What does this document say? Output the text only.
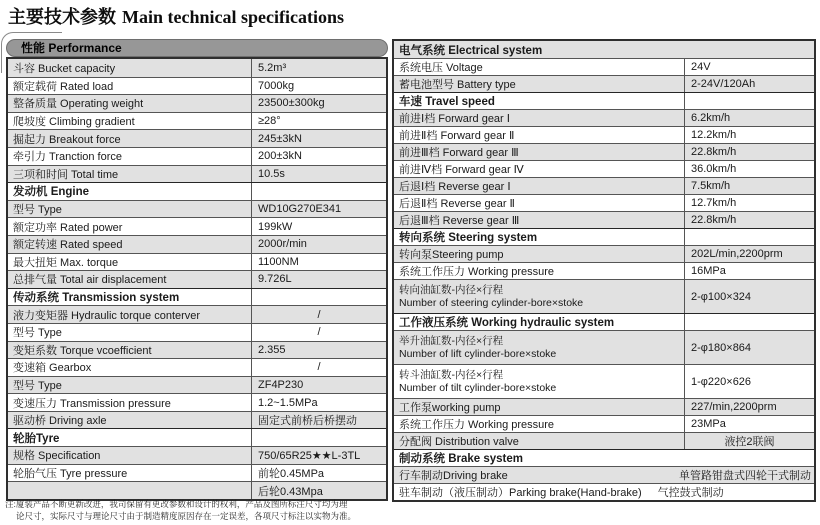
主要技术参数 Main technical specifications
性能 Performance
斗容 Bucket capacity	5.2m³
额定载荷 Rated load	7000kg
整备质量 Operating weight	23500±300kg
爬坡度 Climbing gradient	≥28°
掘起力 Breakout force	245±3kN
牵引力 Tranction force	200±3kN
三项和时间 Total time	10.5s
发动机 Engine
型号 Type	WD10G270E341
额定功率 Rated power	199kW
额定转速 Rated speed	2000r/min
最大扭矩 Max. torque	1100NM
总排气量 Total air displacement	9.726L
传动系统 Transmission system
液力变矩器 Hydraulic torque conterver	/
型号 Type	/
变矩系数 Torque vcoefficient	2.355
变速箱 Gearbox	/
型号 Type	ZF4P230
变速压力 Transmission pressure	1.2~1.5MPa
驱动桥 Driving axle	固定式前桥后桥摆动
轮胎Tyre
规格 Specification	750/65R25★★L-3TL
轮胎气压 Tyre pressure	前轮0.45MPa
后轮0.43Mpa
电气系统 Electrical system
系统电压 Voltage	24V
蓄电池型号 Battery type	2-24V/120Ah
车速 Travel speed
前进Ⅰ档 Forward gear Ⅰ	6.2km/h
前进Ⅱ档 Forward gear Ⅱ	12.2km/h
前进Ⅲ档 Forward gear Ⅲ	22.8km/h
前进Ⅳ档 Forward gear Ⅳ	36.0km/h
后退Ⅰ档 Reverse gear Ⅰ	7.5km/h
后退Ⅱ档 Reverse gear Ⅱ	12.7km/h
后退Ⅲ档 Reverse gear Ⅲ	22.8km/h
转向系统 Steering system
转向泵Steering pump	202L/min,2200prm
系统工作压力 Working pressure	16MPa
转向油缸数-内径×行程
Number of steering cylinder-bore×stoke	2-φ100×324
工作液压系统 Working hydraulic system
举升油缸数-内径×行程
Number of lift cylinder-bore×stoke	2-φ180×864
转斗油缸数-内径×行程
Number of tilt cylinder-bore×stoke	1-φ220×626
工作泵working pump	227/min,2200prm
系统工作压力 Working pressure	23MPa
分配阀 Distribution valve	液控2联阀
制动系统 Brake system
行车制动Driving brake	单管路钳盘式四轮干式制动
驻车制动（液压制动）Parking brake(Hand-brake) 气控鼓式制动
注:厦装产品不断更新改进，我司保留有更改参数和设计的权利，产品及图所标注尺寸均为理
论尺寸，实际尺寸与理论尺寸由于制造精度原因存在一定误差，各项尺寸标注以实物为准。
